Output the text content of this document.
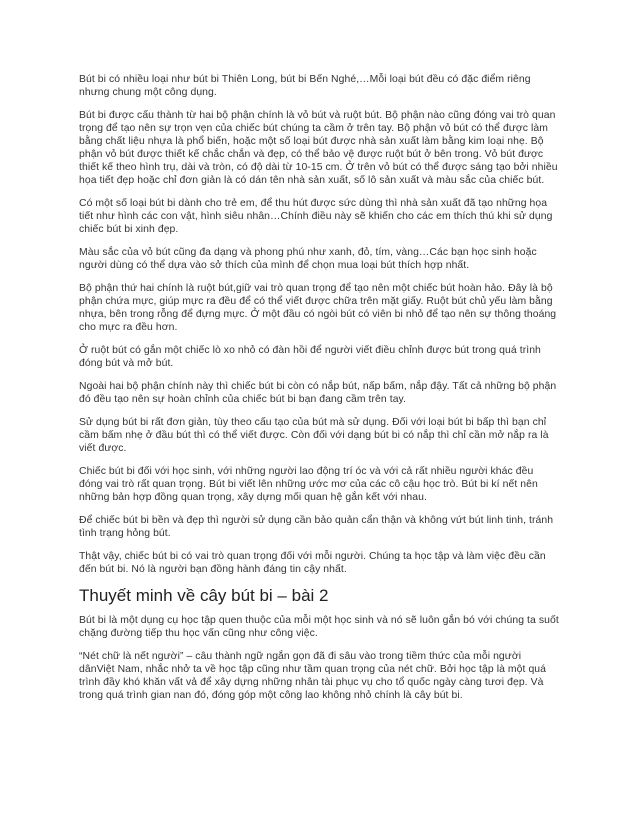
Bút bi có nhiều loại như bút bi Thiên Long, bút bi Bến Nghé,…Mỗi loại bút đều có đặc điểm riêng nhưng chung một công dụng.

Bút bi được cấu thành từ hai bộ phận chính là vỏ bút và ruột bút. Bộ phận nào cũng đóng vai trò quan trọng để tạo nên sự trọn vẹn của chiếc bút chúng ta cầm ở trên tay. Bộ phận vỏ bút có thể được làm bằng chất liệu nhựa là phổ biến, hoặc một số loại bút được nhà sản xuất làm bằng kim loại nhẹ. Bộ phận vỏ bút được thiết kế chắc chắn và đẹp, có thể bảo vệ được ruột bút ở bên trong. Vỏ bút được thiết kế theo hình trụ, dài và tròn, có độ dài từ 10-15 cm. Ở trên vỏ bút có thể được sáng tạo bởi nhiều họa tiết đẹp hoặc chỉ đơn giản là có dán tên nhà sản xuất, số lô sản xuất và màu sắc của chiếc bút.

Có một số loại bút bi dành cho trẻ em, để thu hút được sức dùng thì nhà sản xuất đã tạo những họa tiết như hình các con vật, hình siêu nhân…Chính điều này sẽ khiến cho các em thích thú khi sử dụng chiếc bút bi xinh đẹp.

Màu sắc của vỏ bút cũng đa dạng và phong phú như xanh, đỏ, tím, vàng…Các bạn học sinh hoặc người dùng có thể dựa vào sở thích của mình để chọn mua loại bút thích hợp nhất.

Bộ phận thứ hai chính là ruột bút,giữ vai trò quan trọng để tạo nên một chiếc bút hoàn hảo. Đây là bộ phận chứa mực, giúp mực ra đều để có thể viết được chữa trên mặt giấy. Ruột bút chủ yếu làm bằng nhựa, bên trong rỗng để đựng mực. Ở một đầu có ngòi bút có viên bi nhỏ để tạo nên sự thông thoáng cho mực ra đều hơn.

Ở ruột bút có gắn một chiếc lò xo nhỏ có đàn hồi để người viết điều chỉnh được bút trong quá trình đóng bút và mở bút.

Ngoài hai bộ phận chính này thì chiếc bút bi còn có nắp bút, nấp bấm, nắp đậy. Tất cả những bộ phận đó đều tạo nên sự hoàn chỉnh của chiếc bút bi bạn đang cầm trên tay.

Sử dụng bút bi rất đơn giản, tùy theo cấu tạo của bút mà sử dụng. Đối với loại bút bi bấp thì bạn chỉ cầm bấm nhẹ ở đầu bút thì có thể viết được. Còn đối với dạng bút bi có nắp thì chỉ cần mở nắp ra là viết được.

Chiếc bút bi đối với học sinh, với những người lao động trí óc và với cả rất nhiều người khác đều đóng vai trò rất quan trọng. Bút bi viết lên những ước mơ của các cô cậu học trò. Bút bi kí nết nên những bản hợp đồng quan trọng, xây dựng mối quan hệ gắn kết với nhau.

Để chiếc bút bi bền và đẹp thì người sử dụng cần bảo quản cẩn thận và không vứt bút linh tinh, tránh tình trạng hỏng bút.

Thật vậy, chiếc bút bi có vai trò quan trọng đối với mỗi người. Chúng ta học tập và làm việc đều cần đến bút bi. Nó là người bạn đồng hành đáng tin cậy nhất.

Thuyết minh về cây bút bi – bài 2

Bút bi là một dụng cụ học tập quen thuộc của mỗi một học sinh và nó sẽ luôn gắn bó với chúng ta suốt chặng đường tiếp thu học vấn cũng như công việc.

“Nét chữ là nết người” – câu thành ngữ ngắn gọn đã đi sâu vào trong tiềm thức của mỗi người dânViệt Nam, nhắc nhở ta về học tập cũng như tầm quan trọng của nét chữ. Bởi học tập là một quá trình đầy khó khăn vất vả để xây dựng những nhân tài phục vụ cho tổ quốc ngày càng tươi đẹp. Và trong quá trình gian nan đó, đóng góp một công lao không nhỏ chính là cây bút bi.
